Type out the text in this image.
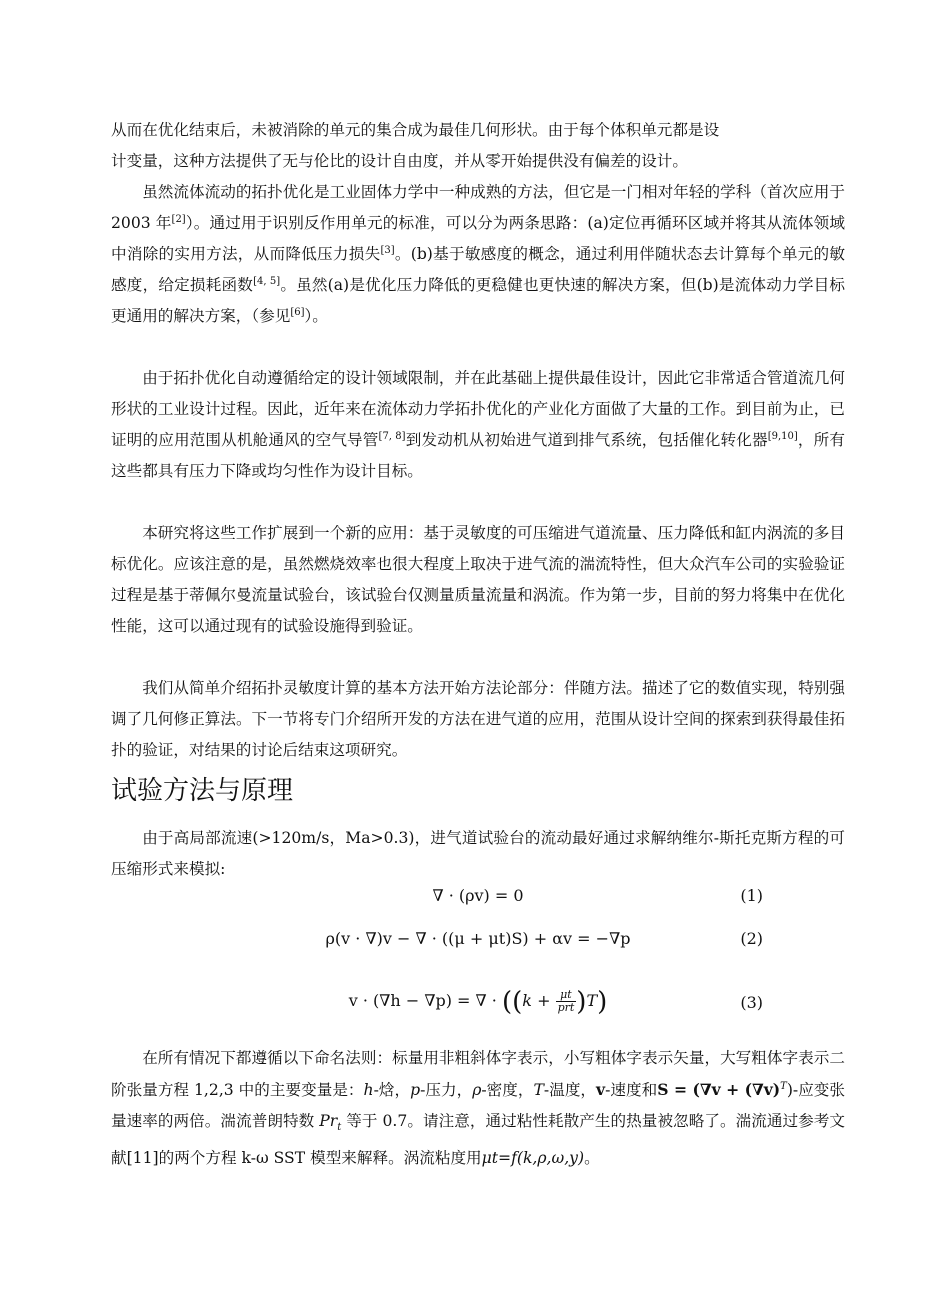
从而在优化结束后，未被消除的单元的集合成为最佳几何形状。由于每个体积单元都是设

计变量，这种方法提供了无与伦比的设计自由度，并从零开始提供没有偏差的设计。

虽然流体流动的拓扑优化是工业固体力学中一种成熟的方法，但它是一门相对年轻的学科（首次应用于 2003 年[2]）。通过用于识别反作用单元的标准，可以分为两条思路：(a)定位再循环区域并将其从流体领域中消除的实用方法，从而降低压力损失[3]。(b)基于敏感度的概念，通过利用伴随状态去计算每个单元的敏感度，给定损耗函数[4, 5]。虽然(a)是优化压力降低的更稳健也更快速的解决方案，但(b)是流体动力学目标更通用的解决方案，（参见[6]）。

由于拓扑优化自动遵循给定的设计领域限制，并在此基础上提供最佳设计，因此它非常适合管道流几何形状的工业设计过程。因此，近年来在流体动力学拓扑优化的产业化方面做了大量的工作。到目前为止，已证明的应用范围从机舱通风的空气导管[7, 8]到发动机从初始进气道到排气系统，包括催化转化器[9,10]，所有这些都具有压力下降或均匀性作为设计目标。

本研究将这些工作扩展到一个新的应用：基于灵敏度的可压缩进气道流量、压力降低和缸内涡流的多目标优化。应该注意的是，虽然燃烧效率也很大程度上取决于进气流的湍流特性，但大众汽车公司的实验验证过程是基于蒂佩尔曼流量试验台，该试验台仅测量质量流量和涡流。作为第一步，目前的努力将集中在优化性能，这可以通过现有的试验设施得到验证。

我们从简单介绍拓扑灵敏度计算的基本方法开始方法论部分：伴随方法。描述了它的数值实现，特别强调了几何修正算法。下一节将专门介绍所开发的方法在进气道的应用，范围从设计空间的探索到获得最佳拓扑的验证，对结果的讨论后结束这项研究。

试验方法与原理

由于高局部流速(>120m/s，Ma>0.3)，进气道试验台的流动最好通过求解纳维尔-斯托克斯方程的可压缩形式来模拟:

∇ · (ρv) = 0	(1)
ρ(v · ∇)v − ∇ · ((μ + μt)S) + αv = −∇p	(2)
v · (∇h − ∇p) = ∇ · $((k + \frac{\mu t}{\text{prt}} )T)$	(3)

在所有情况下都遵循以下命名法则：标量用非粗斜体字表示，小写粗体字表示矢量，大写粗体字表示二阶张量方程 1,2,3 中的主要变量是：h-焓，p-压力，ρ-密度，T-温度，v-速度和$S = (\nabla v + (\nabla v)^T)-$应变张量速率的两倍。湍流普朗特数 $Pr_t$ 等于 0.7。请注意，通过粘性耗散产生的热量被忽略了。湍流通过参考文献[11]的两个方程 k-ω SST 模型来解释。涡流粘度用μt=f(k,ρ,ω,y)。
